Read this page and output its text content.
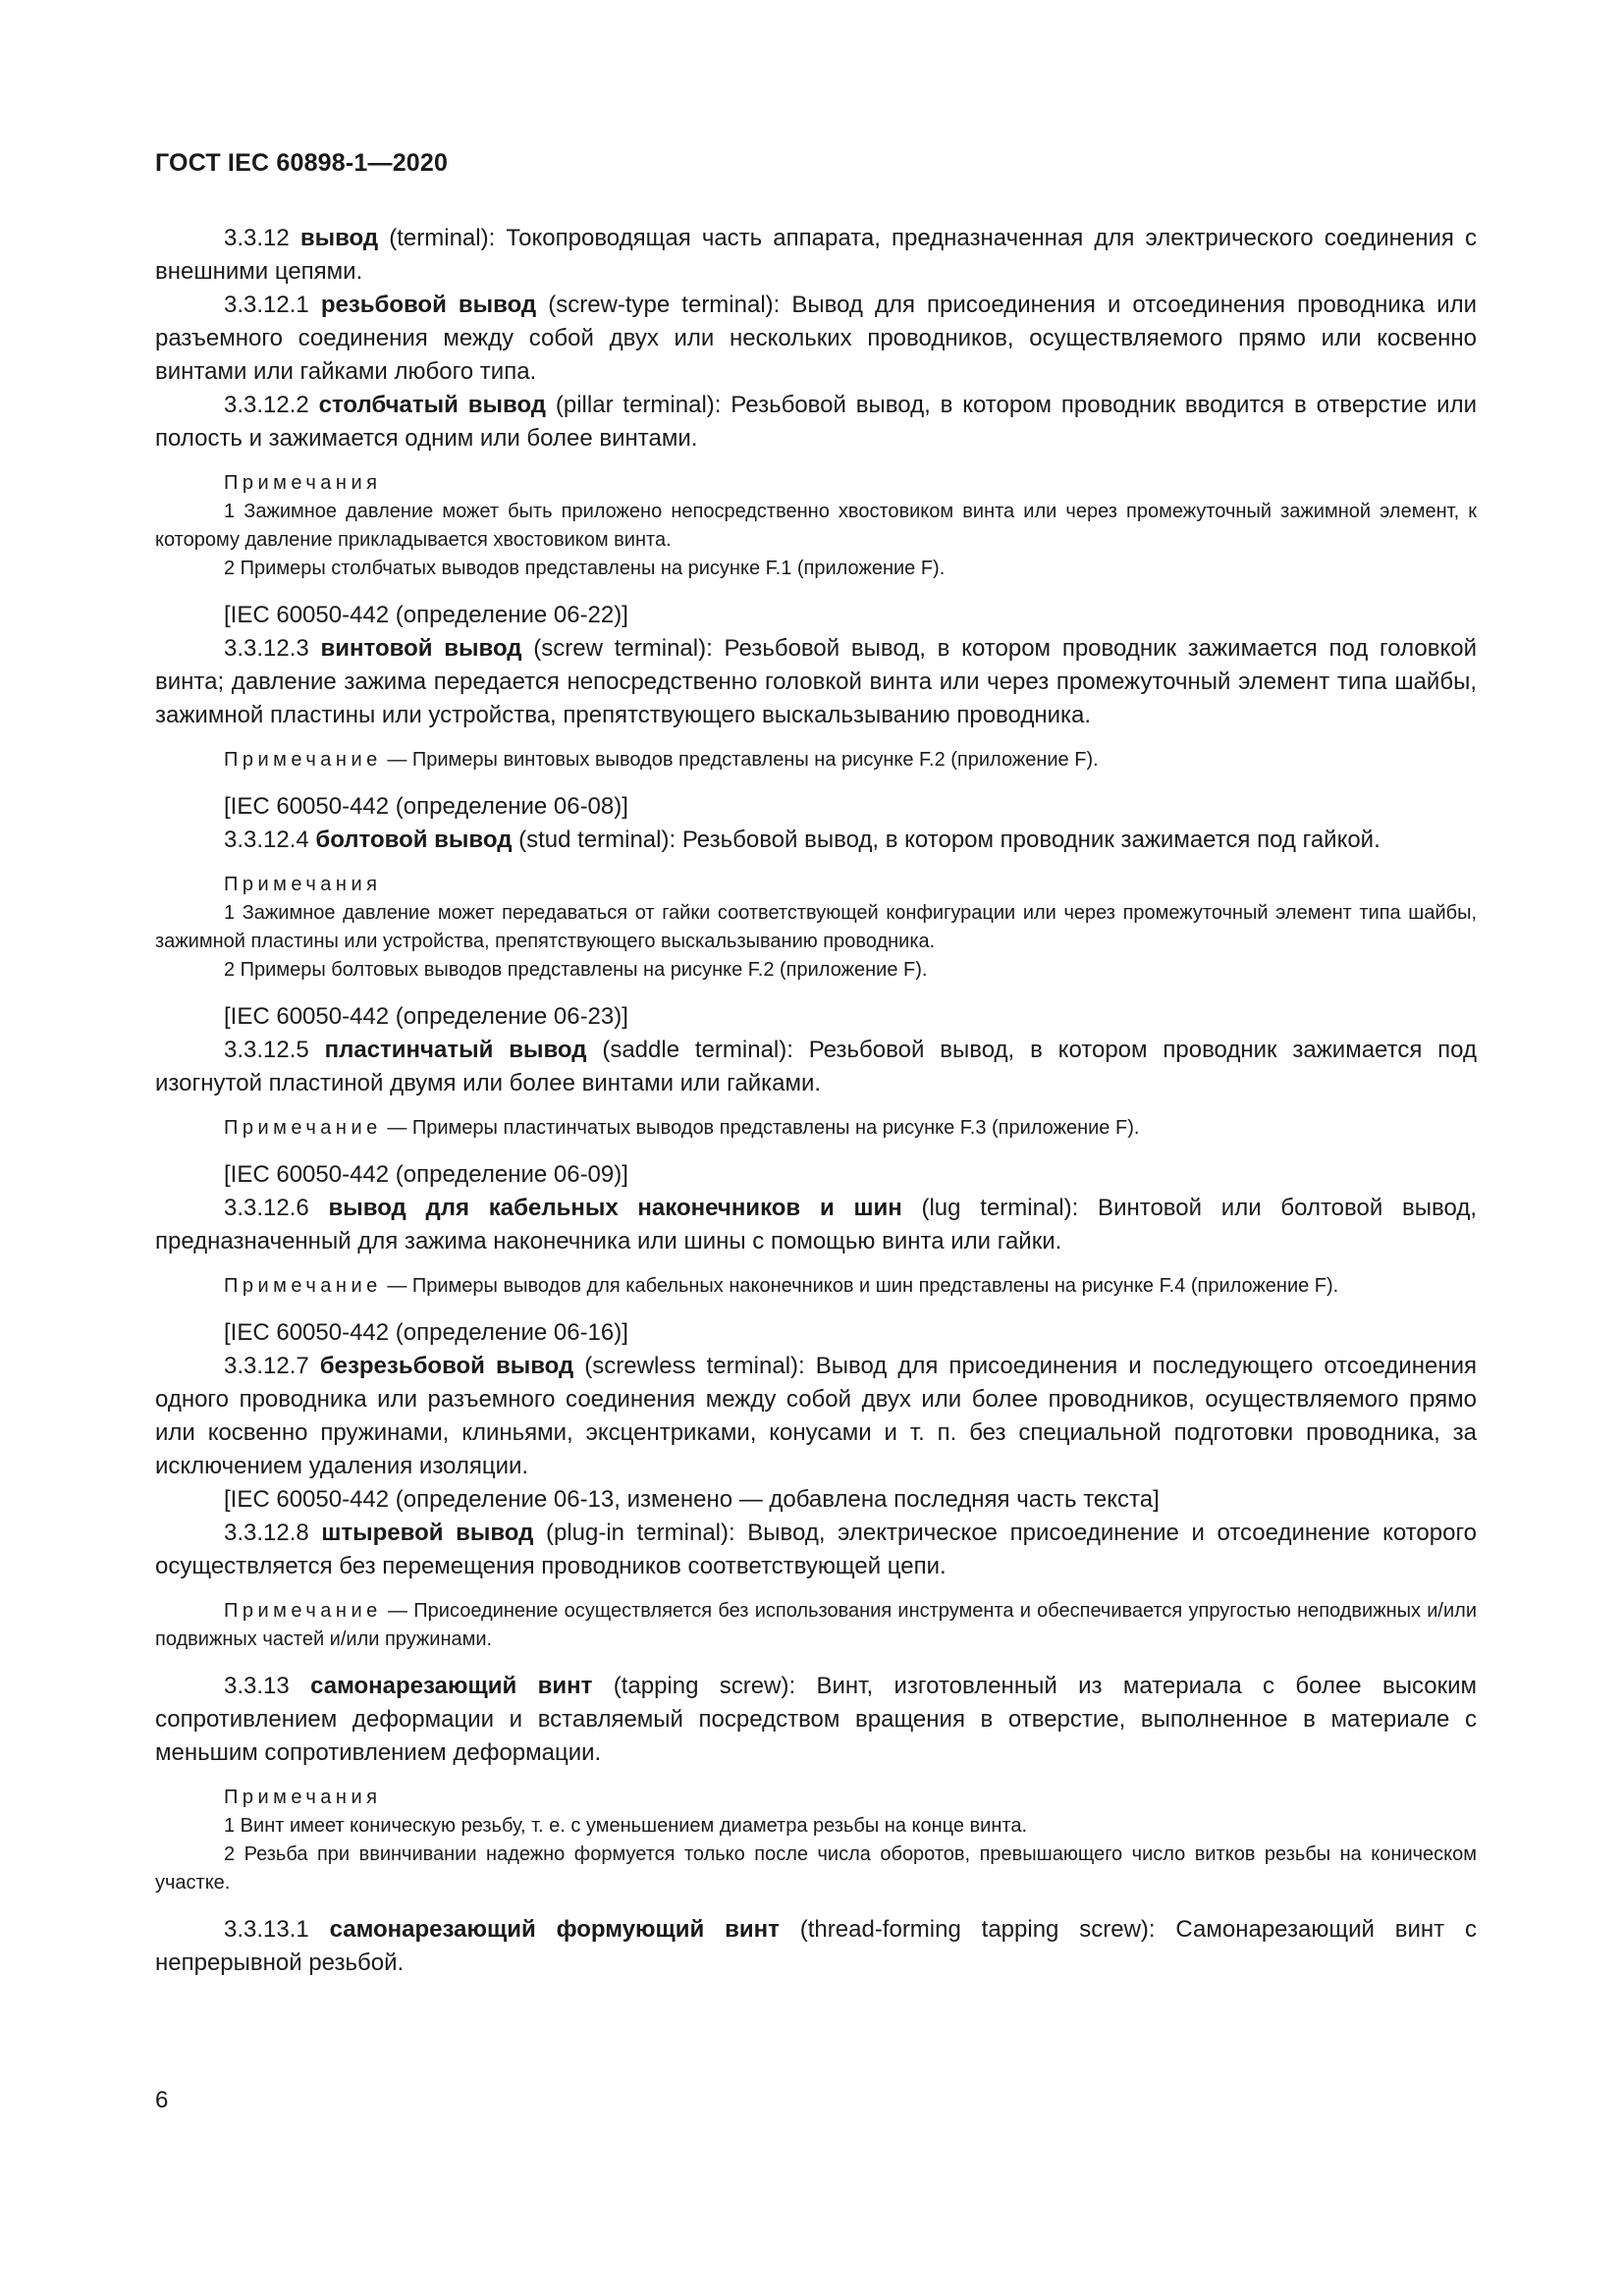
ГОСТ IEC 60898-1—2020

3.3.12 вывод (terminal): Токопроводящая часть аппарата, предназначенная для электрического соединения с внешними цепями.

3.3.12.1 резьбовой вывод (screw-type terminal): Вывод для присоединения и отсоединения проводника или разъемного соединения между собой двух или нескольких проводников, осуществляемого прямо или косвенно винтами или гайками любого типа.

3.3.12.2 столбчатый вывод (pillar terminal): Резьбовой вывод, в котором проводник вводится в отверстие или полость и зажимается одним или более винтами.

Примечания

1 Зажимное давление может быть приложено непосредственно хвостовиком винта или через промежуточный зажимной элемент, к которому давление прикладывается хвостовиком винта.

2 Примеры столбчатых выводов представлены на рисунке F.1 (приложение F).

[IEC 60050-442 (определение 06-22)]

3.3.12.3 винтовой вывод (screw terminal): Резьбовой вывод, в котором проводник зажимается под головкой винта; давление зажима передается непосредственно головкой винта или через промежуточный элемент типа шайбы, зажимной пластины или устройства, препятствующего выскальзыванию проводника.

Примечание — Примеры винтовых выводов представлены на рисунке F.2 (приложение F).

[IEC 60050-442 (определение 06-08)]

3.3.12.4 болтовой вывод (stud terminal): Резьбовой вывод, в котором проводник зажимается под гайкой.

Примечания

1 Зажимное давление может передаваться от гайки соответствующей конфигурации или через промежуточный элемент типа шайбы, зажимной пластины или устройства, препятствующего выскальзыванию проводника.

2 Примеры болтовых выводов представлены на рисунке F.2 (приложение F).

[IEC 60050-442 (определение 06-23)]

3.3.12.5 пластинчатый вывод (saddle terminal): Резьбовой вывод, в котором проводник зажимается под изогнутой пластиной двумя или более винтами или гайками.

Примечание — Примеры пластинчатых выводов представлены на рисунке F.3 (приложение F).

[IEC 60050-442 (определение 06-09)]

3.3.12.6 вывод для кабельных наконечников и шин (lug terminal): Винтовой или болтовой вывод, предназначенный для зажима наконечника или шины с помощью винта или гайки.

Примечание — Примеры выводов для кабельных наконечников и шин представлены на рисунке F.4 (приложение F).

[IEC 60050-442 (определение 06-16)]

3.3.12.7 безрезьбовой вывод (screwless terminal): Вывод для присоединения и последующего отсоединения одного проводника или разъемного соединения между собой двух или более проводников, осуществляемого прямо или косвенно пружинами, клиньями, эксцентриками, конусами и т. п. без специальной подготовки проводника, за исключением удаления изоляции.

[IEC 60050-442 (определение 06-13, изменено — добавлена последняя часть текста]

3.3.12.8 штыревой вывод (plug-in terminal): Вывод, электрическое присоединение и отсоединение которого осуществляется без перемещения проводников соответствующей цепи.

Примечание — Присоединение осуществляется без использования инструмента и обеспечивается упругостью неподвижных и/или подвижных частей и/или пружинами.

3.3.13 самонарезающий винт (tapping screw): Винт, изготовленный из материала с более высоким сопротивлением деформации и вставляемый посредством вращения в отверстие, выполненное в материале с меньшим сопротивлением деформации.

Примечания

1 Винт имеет коническую резьбу, т. е. с уменьшением диаметра резьбы на конце винта.

2 Резьба при ввинчивании надежно формуется только после числа оборотов, превышающего число витков резьбы на коническом участке.

3.3.13.1 самонарезающий формующий винт (thread-forming tapping screw): Самонарезающий винт с непрерывной резьбой.

6
